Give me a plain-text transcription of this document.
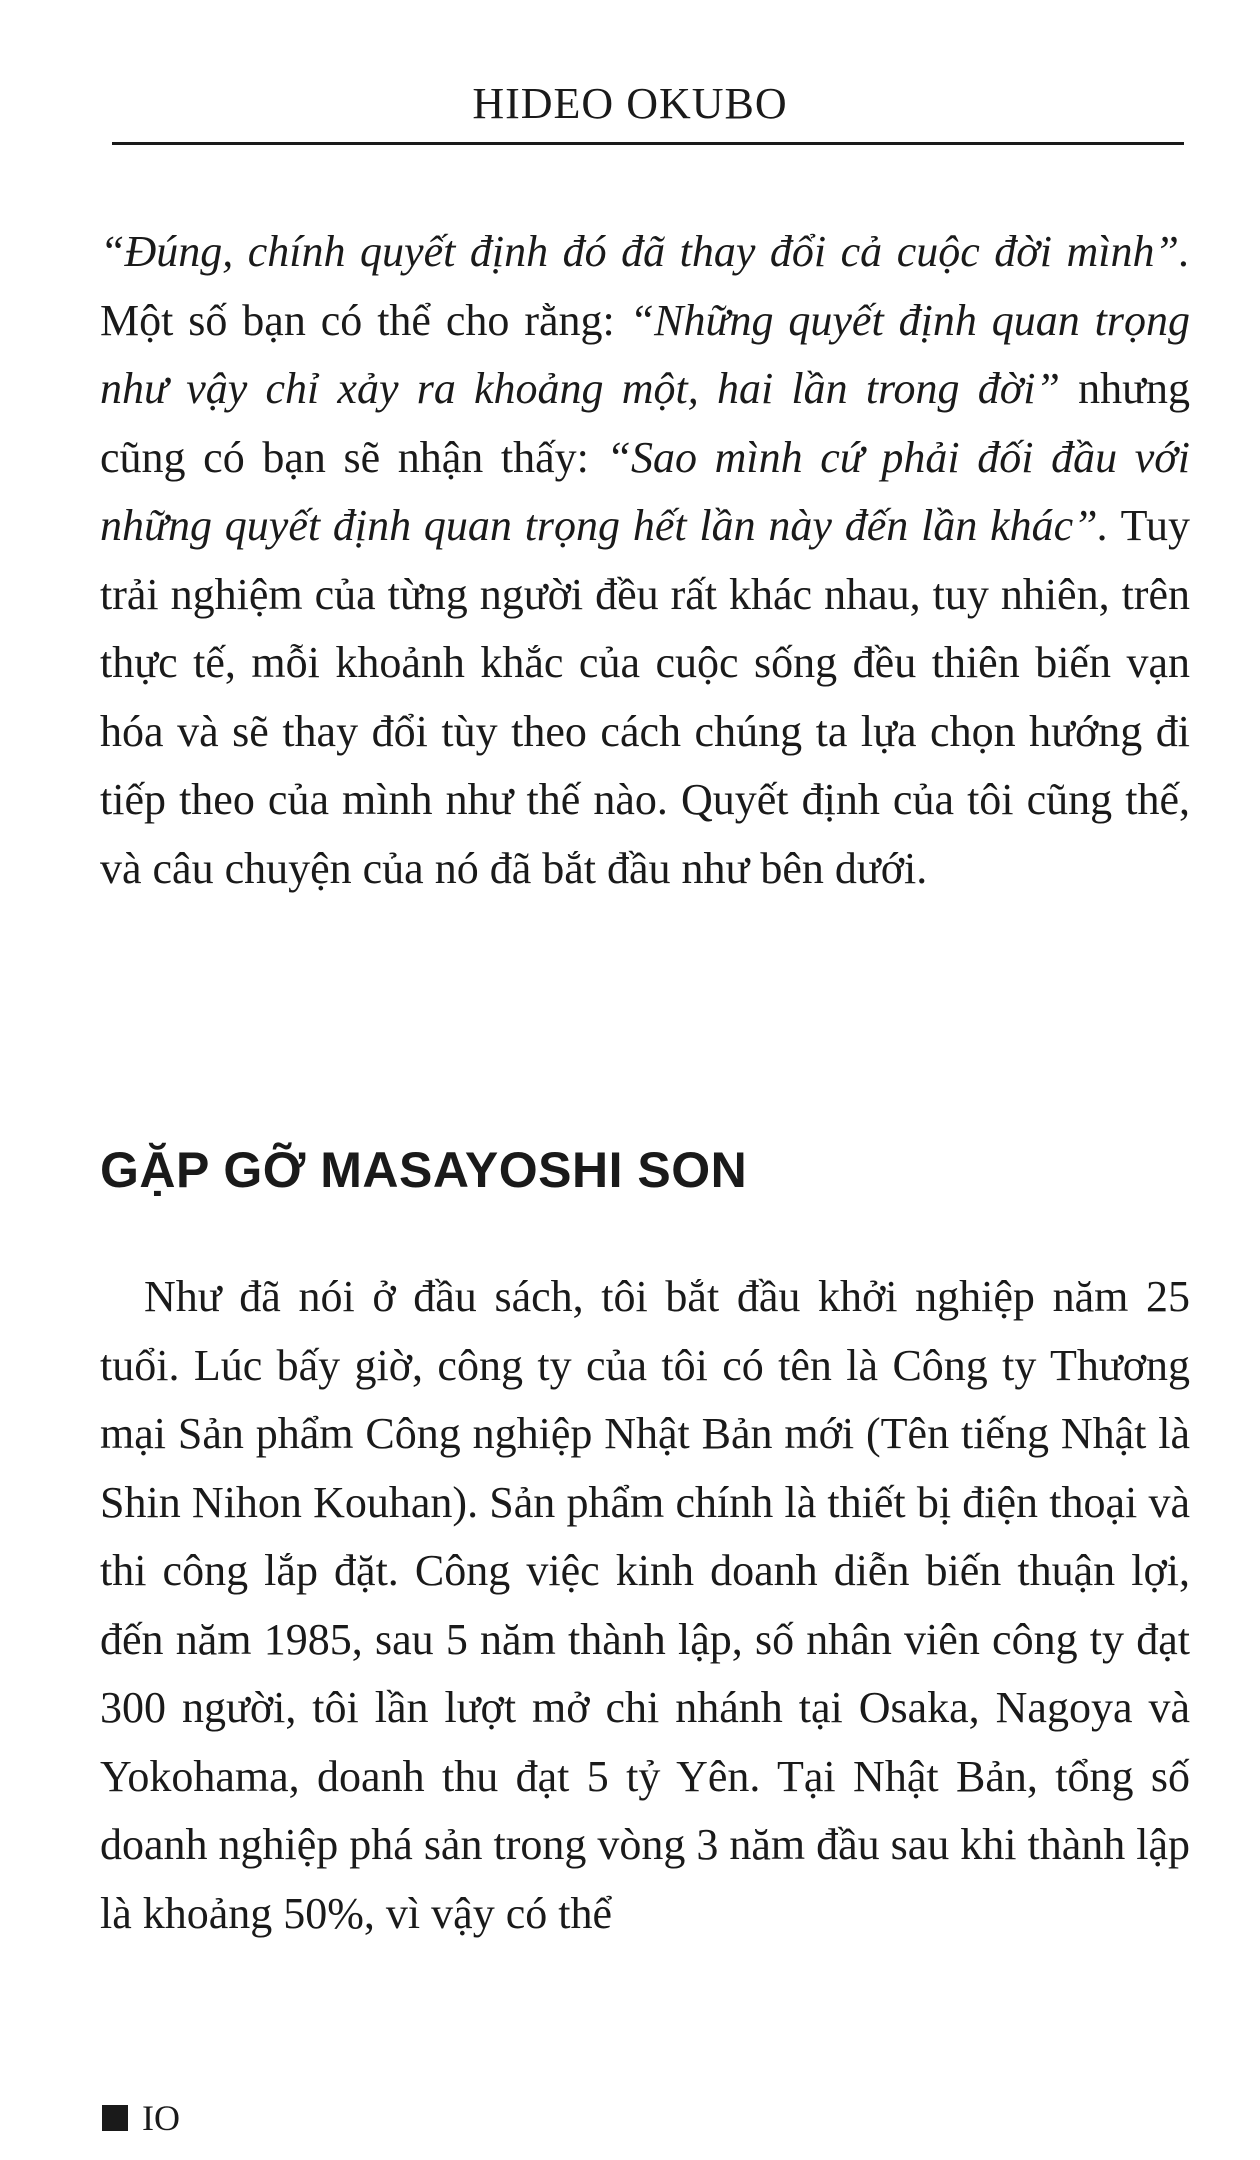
HIDEO OKUBO

“Đúng, chính quyết định đó đã thay đổi cả cuộc đời mình”. Một số bạn có thể cho rằng: “Những quyết định quan trọng như vậy chỉ xảy ra khoảng một, hai lần trong đời” nhưng cũng có bạn sẽ nhận thấy: “Sao mình cứ phải đối đầu với những quyết định quan trọng hết lần này đến lần khác”. Tuy trải nghiệm của từng người đều rất khác nhau, tuy nhiên, trên thực tế, mỗi khoảnh khắc của cuộc sống đều thiên biến vạn hóa và sẽ thay đổi tùy theo cách chúng ta lựa chọn hướng đi tiếp theo của mình như thế nào. Quyết định của tôi cũng thế, và câu chuyện của nó đã bắt đầu như bên dưới.

GẶP GỠ MASAYOSHI SON

Như đã nói ở đầu sách, tôi bắt đầu khởi nghiệp năm 25 tuổi. Lúc bấy giờ, công ty của tôi có tên là Công ty Thương mại Sản phẩm Công nghiệp Nhật Bản mới (Tên tiếng Nhật là Shin Nihon Kouhan). Sản phẩm chính là thiết bị điện thoại và thi công lắp đặt. Công việc kinh doanh diễn biến thuận lợi, đến năm 1985, sau 5 năm thành lập, số nhân viên công ty đạt 300 người, tôi lần lượt mở chi nhánh tại Osaka, Nagoya và Yokohama, doanh thu đạt 5 tỷ Yên. Tại Nhật Bản, tổng số doanh nghiệp phá sản trong vòng 3 năm đầu sau khi thành lập là khoảng 50%, vì vậy có thể

IO
